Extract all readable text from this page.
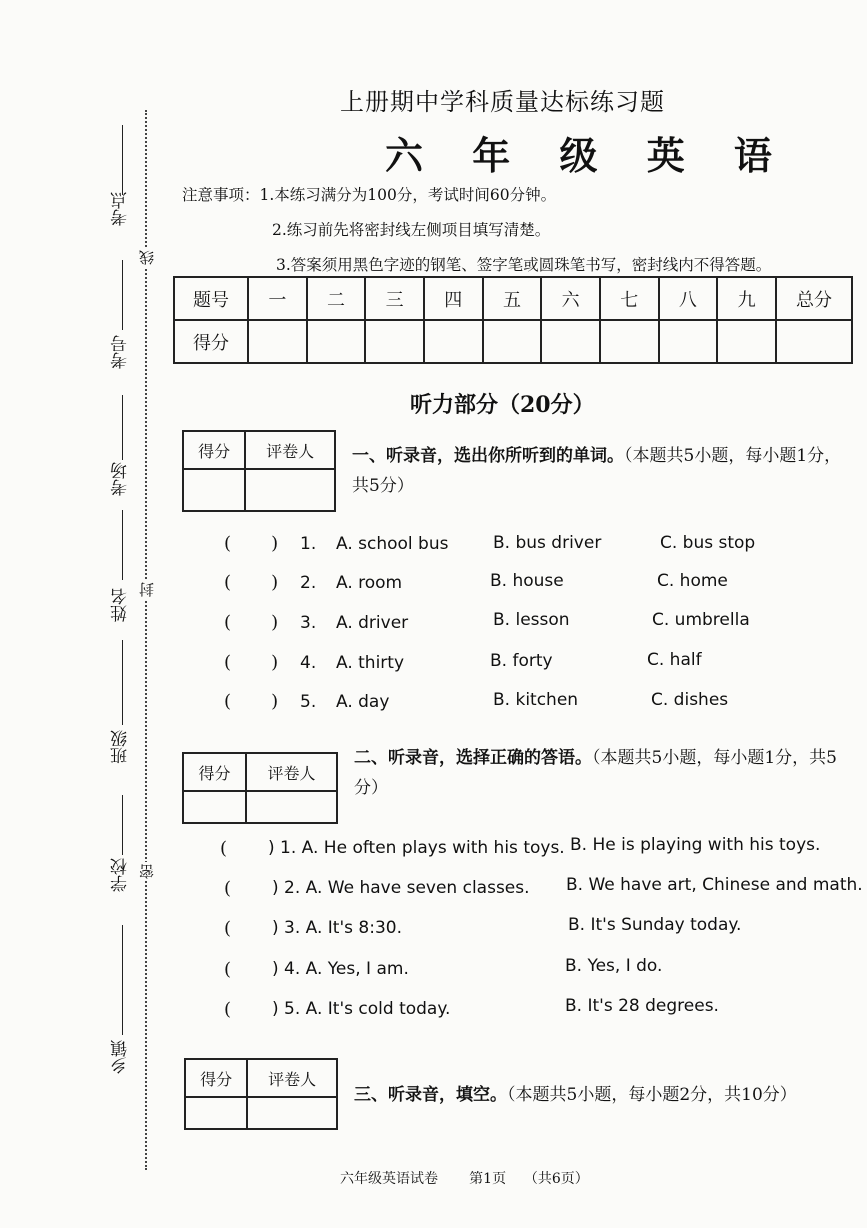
考点
考号
考场
姓名
班级
学校
乡镇
线
封
密
上册期中学科质量达标练习题
六 年 级 英 语
注意事项：1.本练习满分为100分，考试时间60分钟。
2.练习前先将密封线左侧项目填写清楚。
3.答案须用黑色字迹的钢笔、签字笔或圆珠笔书写，密封线内不得答题。
题号	一	二	三	四	五	六	七	八	九	总分
得分										
听力部分（20分）
得分	评卷人
	一、听录音，选出你所听到的单词。（本题共5小题，每小题1分，共5分）
(       ) 1. A. school bus	B. bus driver	C. bus stop
(       ) 2. A. room	B. house	C. home
(       ) 3. A. driver	B. lesson	C. umbrella
(       ) 4. A. thirty	B. forty	C. half
(       ) 5. A. day	B. kitchen	C. dishes
得分	评卷人

二、听录音，选择正确的答语。（本题共5小题，每小题1分，共5分）
( ) 1. A. He often plays with his toys. B. He is playing with his toys.
( ) 2. A. We have seven classes. B. We have art, Chinese and math.
( ) 3. A. It's 8:30.	B. It's Sunday today.
( ) 4. A. Yes, I am.	B. Yes, I do.
( ) 5. A. It's cold today.	B. It's 28 degrees.
得分	评卷人

三、听录音，填空。（本题共5小题，每小题2分，共10分）
六年级英语试卷 第1页 （共6页）
